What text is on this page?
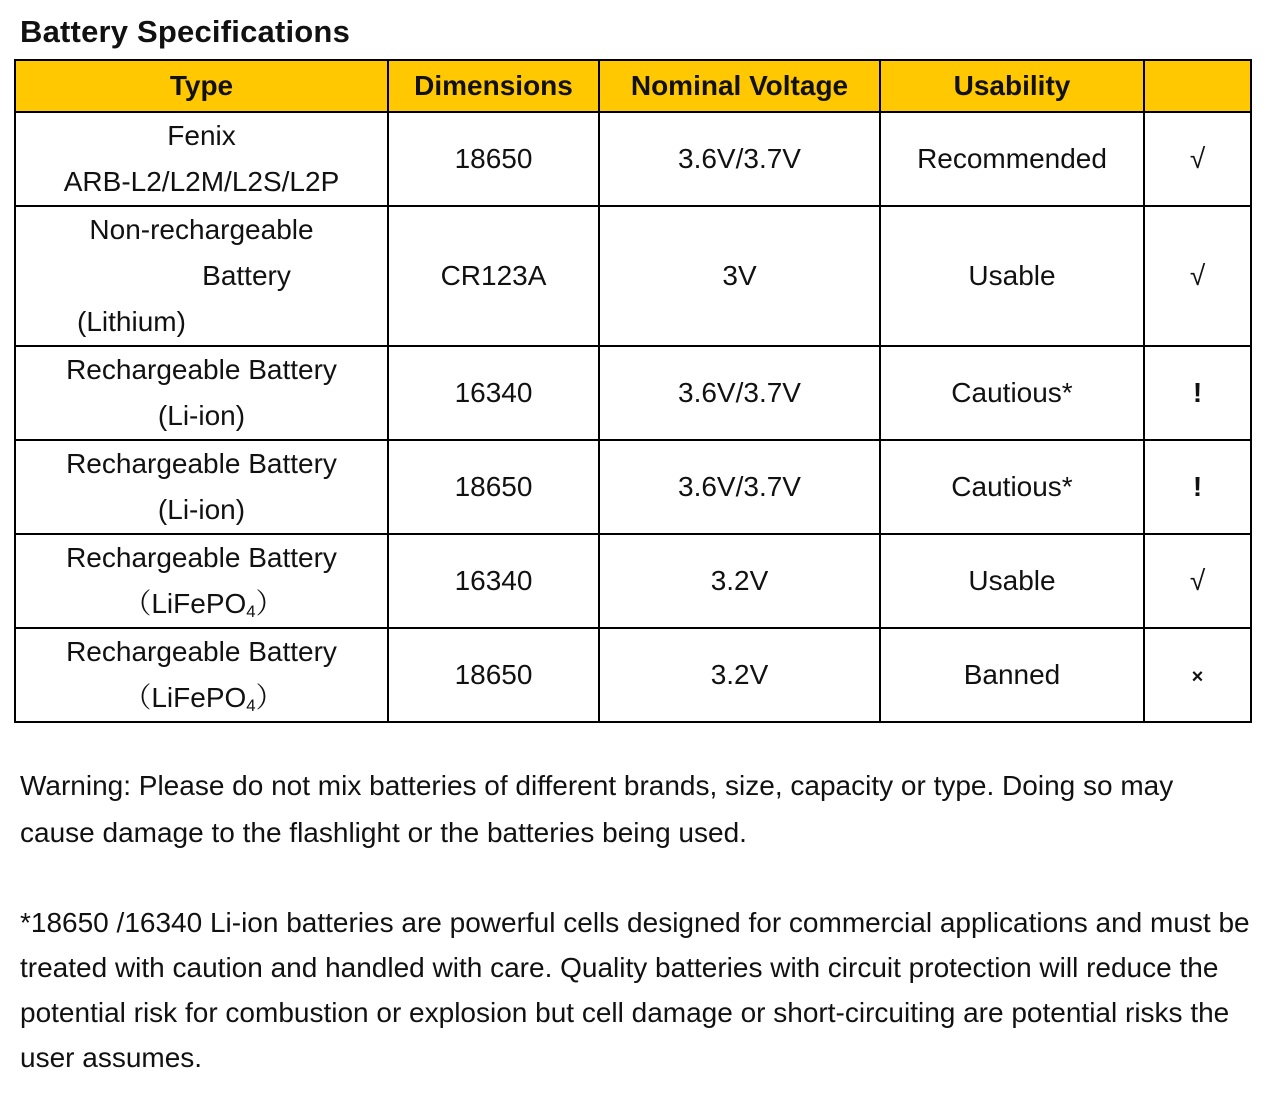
Battery Specifications
Type	Dimensions	Nominal Voltage	Usability	

Fenix
ARB-L2/L2M/L2S/L2P	18650	3.6V/3.7V	Recommended	√

Non-rechargeable
Battery
(Lithium)	CR123A	3V	Usable	√

Rechargeable Battery
(Li-ion)	16340	3.6V/3.7V	Cautious*	!

Rechargeable Battery
(Li-ion)	18650	3.6V/3.7V	Cautious*	!

Rechargeable Battery
（LiFePO$_4$）	16340	3.2V	Usable	√

Rechargeable Battery
（LiFePO$_4$）	18650	3.2V	Banned	×

Warning: Please do not mix batteries of different brands, size, capacity or type. Doing so may cause damage to the flashlight or the batteries being used.

*18650 /16340 Li-ion batteries are powerful cells designed for commercial applications and must be treated with caution and handled with care. Quality batteries with circuit protection will reduce the potential risk for combustion or explosion but cell damage or short-circuiting are potential risks the user assumes.
